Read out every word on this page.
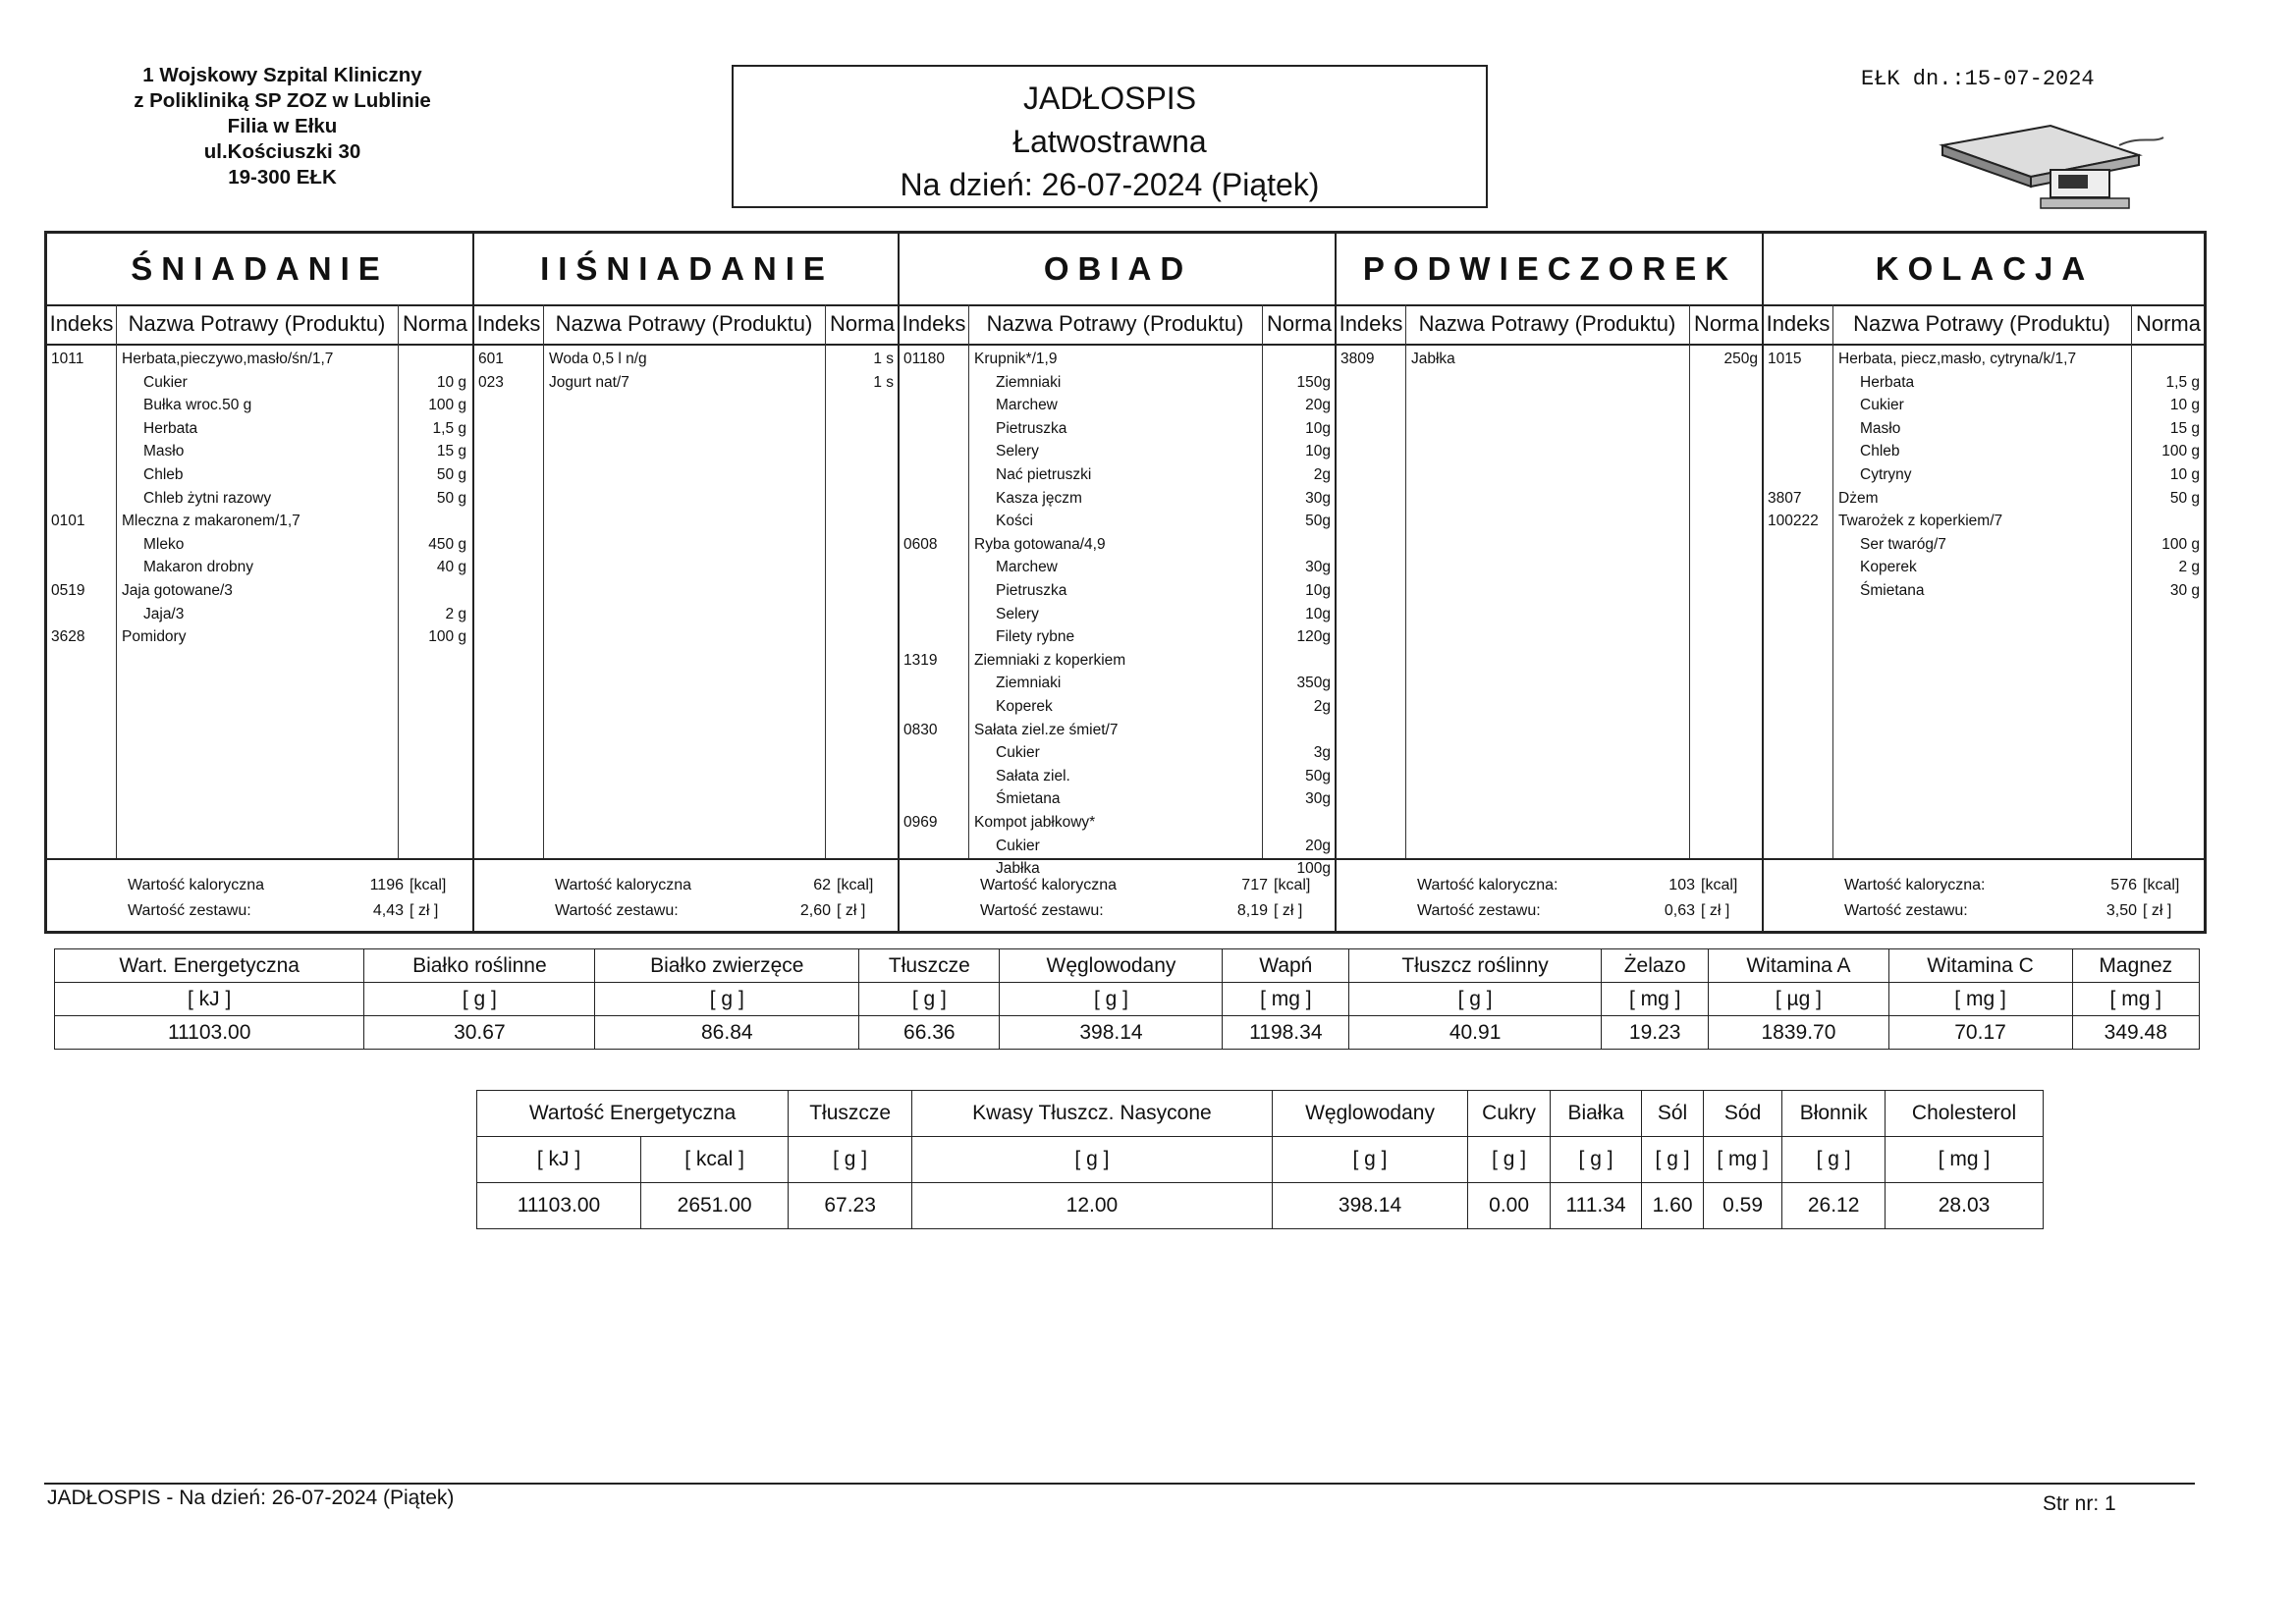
1 Wojskowy Szpital Kliniczny
z Polikliniką SP ZOZ w Lublinie
Filia w Ełku
ul.Kościuszki 30
19-300 EŁK
JADŁOSPIS
Łatwostrawna
Na dzień: 26-07-2024 (Piątek)
EŁK dn.:15-07-2024
ŚNIADANIE
Indeks Nazwa Potrawy (Produktu) Norma
1011	Herbata,pieczywo,masło/śn/1,7
Cukier	10 g
Bułka wroc.50 g	100 g
Herbata	1,5 g
Masło	15 g
Chleb	50 g
Chleb żytni razowy	50 g
0101	Mleczna z makaronem/1,7
Mleko	450 g
Makaron drobny	40 g
0519	Jaja gotowane/3
Jaja/3	2 g
3628	Pomidory	100 g
Wartość kaloryczna	1196 [kcal]
Wartość zestawu:	4,43 [ zł ]
IIŚNIADANIE
Indeks Nazwa Potrawy (Produktu) Norma
601	Woda 0,5 l n/g	1 s
023	Jogurt nat/7	1 s
Wartość kaloryczna	62 [kcal]
Wartość zestawu:	2,60 [ zł ]
OBIAD
Indeks Nazwa Potrawy (Produktu)	Norma
01180	Krupnik*/1,9
Ziemniaki	150g
Marchew	20g
Pietruszka	10g
Selery	10g
Nać pietruszki	2g
Kasza jęczm	30g
Kości	50g
0608	Ryba gotowana/4,9
Marchew	30g
Pietruszka	10g
Selery	10g
Filety rybne	120g
1319	Ziemniaki z koperkiem
Ziemniaki	350g
Koperek	2g
0830	Sałata ziel.ze śmiet/7
Cukier	3g
Sałata ziel.	50g
Śmietana	30g
0969	Kompot jabłkowy*
Cukier	20g
Jabłka	100g
Wartość kaloryczna	717 [kcal]
Wartość zestawu:	8,19 [ zł ]
PODWIECZOREK
Indeks Nazwa Potrawy (Produktu) Norma
3809	Jabłka	250g
Wartość kaloryczna:	103 [kcal]
Wartość zestawu:	0,63 [ zł ]
KOLACJA
Indeks	Nazwa Potrawy (Produktu)	Norma
1015	Herbata, piecz,masło, cytryna/k/1,7
Herbata	1,5 g
Cukier	10 g
Masło	15 g
Chleb	100 g
Cytryny	10 g
3807	Dżem	50 g
100222	Twarożek z koperkiem/7
Ser twaróg/7	100 g
Koperek	2 g
Śmietana	30 g
Wartość kaloryczna:	576 [kcal]
Wartość zestawu:	3,50 [ zł ]
Wart. Energetyczna	Białko roślinne	Białko zwierzęce	Tłuszcze	Węglowodany	Wapń	Tłuszcz roślinny	Żelazo	Witamina A	Witamina C	Magnez
[ kJ ]	[ g ]	[ g ]	[ g ]	[ g ]	[ mg ]	[ g ]	[ mg ]	[ µg ]	[ mg ]	[ mg ]
11103.00	30.67	86.84	66.36	398.14	1198.34	40.91	19.23	1839.70	70.17	349.48
Wartość Energetyczna		Tłuszcze	Kwasy Tłuszcz. Nasycone	Węglowodany	Cukry	Białka	Sól	Sód	Błonnik	Cholesterol
[ kJ ]	[ kcal ]	[ g ]	[ g ]	[ g ]	[ g ]	[ g ]	[ g ]	[ mg ]	[ g ]	[ mg ]
11103.00	2651.00	67.23	12.00	398.14	0.00	111.34	1.60	0.59	26.12	28.03
JADŁOSPIS - Na dzień: 26-07-2024 (Piątek)	Str nr: 1
